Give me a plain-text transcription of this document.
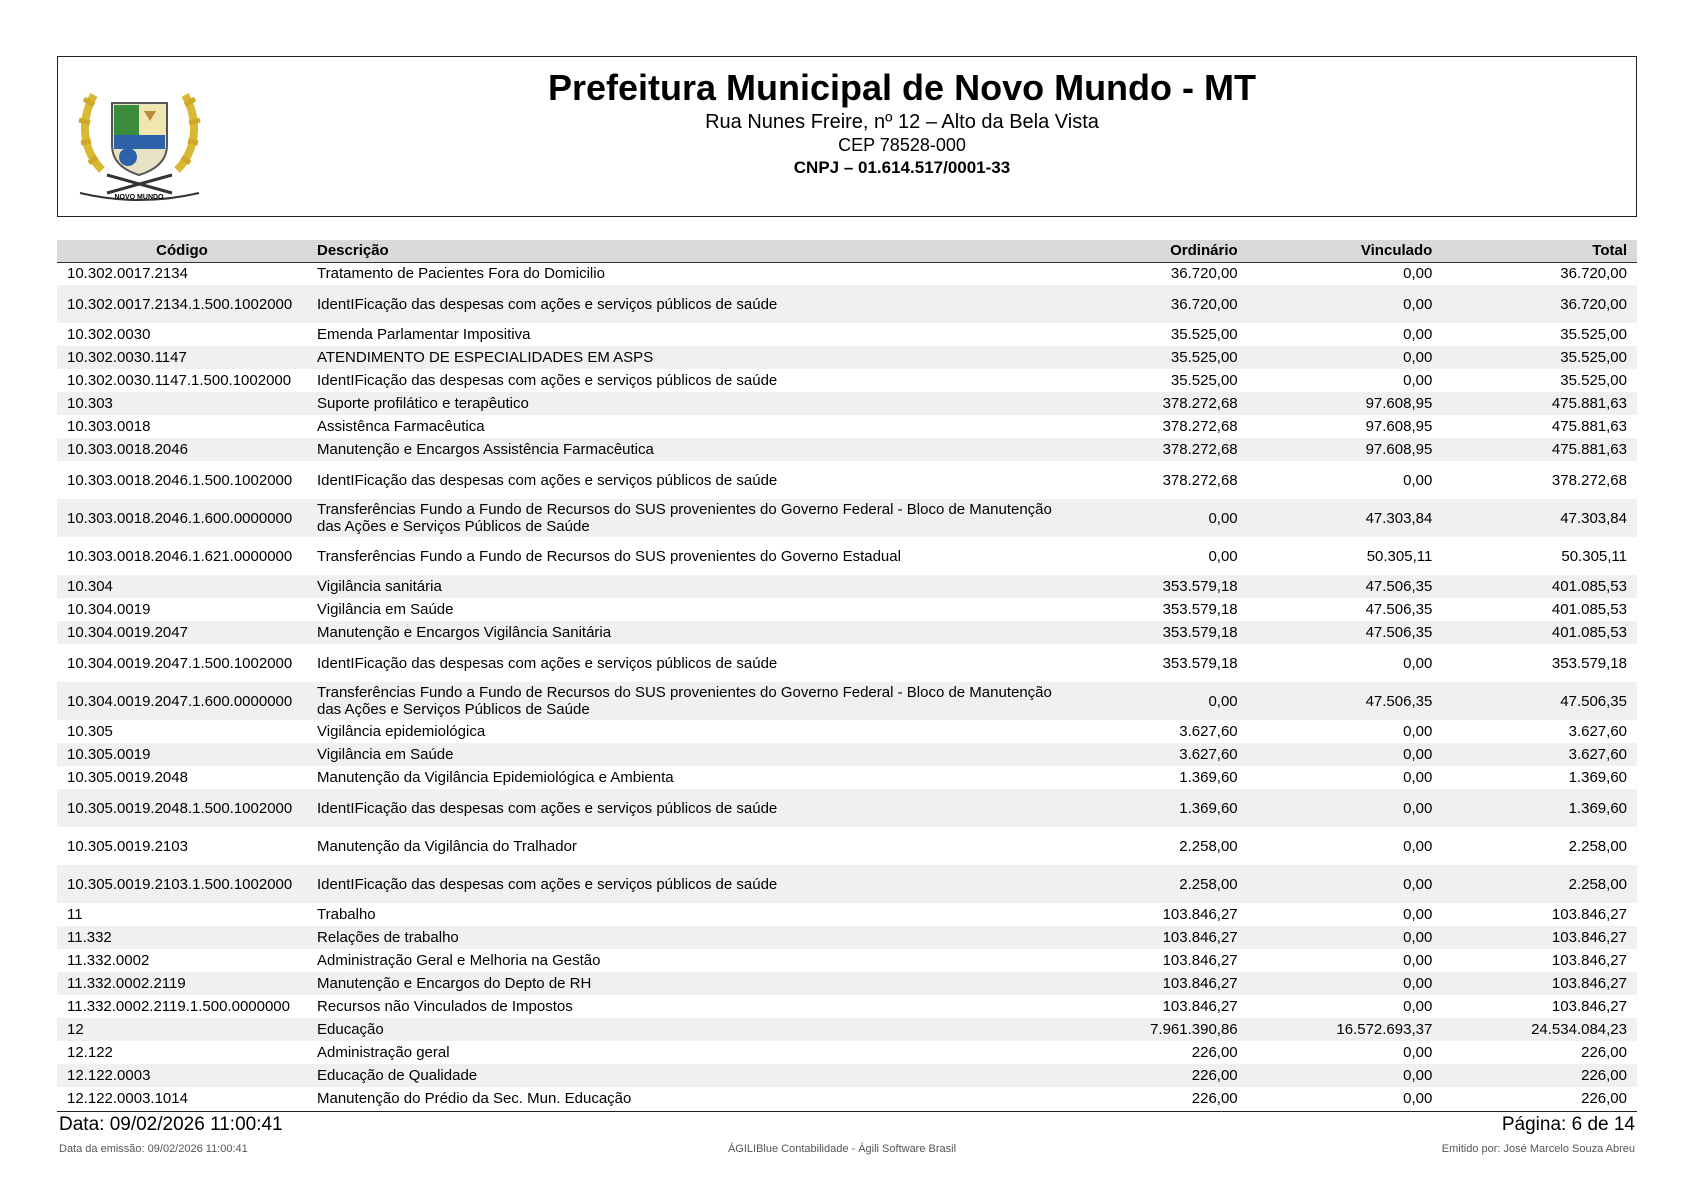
NOVO MUNDO
Prefeitura Municipal de Novo Mundo - MT
Rua Nunes Freire, nº 12 – Alto da Bela Vista
CEP 78528-000
CNPJ – 01.614.517/0001-33
Código	Descrição	Ordinário	Vinculado	Total
10.302.0017.2134	Tratamento de Pacientes Fora do Domicilio	36.720,00	0,00	36.720,00
10.302.0017.2134.1.500.1002000	IdentIFicação das despesas com ações e serviços públicos de saúde	36.720,00	0,00	36.720,00
10.302.0030	Emenda Parlamentar Impositiva	35.525,00	0,00	35.525,00
10.302.0030.1147	ATENDIMENTO DE ESPECIALIDADES EM ASPS	35.525,00	0,00	35.525,00
10.302.0030.1147.1.500.1002000	IdentIFicação das despesas com ações e serviços públicos de saúde	35.525,00	0,00	35.525,00
10.303	Suporte profilático e terapêutico	378.272,68	97.608,95	475.881,63
10.303.0018	Assistênca Farmacêutica	378.272,68	97.608,95	475.881,63
10.303.0018.2046	Manutenção e Encargos Assistência Farmacêutica	378.272,68	97.608,95	475.881,63
10.303.0018.2046.1.500.1002000	IdentIFicação das despesas com ações e serviços públicos de saúde	378.272,68	0,00	378.272,68
10.303.0018.2046.1.600.0000000	Transferências Fundo a Fundo de Recursos do SUS provenientes do Governo Federal - Bloco de Manutenção das Ações e Serviços Públicos de Saúde	0,00	47.303,84	47.303,84
10.303.0018.2046.1.621.0000000	Transferências Fundo a Fundo de Recursos do SUS provenientes do Governo Estadual	0,00	50.305,11	50.305,11
10.304	Vigilância sanitária	353.579,18	47.506,35	401.085,53
10.304.0019	Vigilância em Saúde	353.579,18	47.506,35	401.085,53
10.304.0019.2047	Manutenção e Encargos Vigilância Sanitária	353.579,18	47.506,35	401.085,53
10.304.0019.2047.1.500.1002000	IdentIFicação das despesas com ações e serviços públicos de saúde	353.579,18	0,00	353.579,18
10.304.0019.2047.1.600.0000000	Transferências Fundo a Fundo de Recursos do SUS provenientes do Governo Federal - Bloco de Manutenção das Ações e Serviços Públicos de Saúde	0,00	47.506,35	47.506,35
10.305	Vigilância epidemiológica	3.627,60	0,00	3.627,60
10.305.0019	Vigilância em Saúde	3.627,60	0,00	3.627,60
10.305.0019.2048	Manutenção da Vigilância Epidemiológica e Ambienta	1.369,60	0,00	1.369,60
10.305.0019.2048.1.500.1002000	IdentIFicação das despesas com ações e serviços públicos de saúde	1.369,60	0,00	1.369,60
10.305.0019.2103	Manutenção da Vigilância do Tralhador	2.258,00	0,00	2.258,00
10.305.0019.2103.1.500.1002000	IdentIFicação das despesas com ações e serviços públicos de saúde	2.258,00	0,00	2.258,00
11	Trabalho	103.846,27	0,00	103.846,27
11.332	Relações de trabalho	103.846,27	0,00	103.846,27
11.332.0002	Administração Geral e Melhoria na Gestão	103.846,27	0,00	103.846,27
11.332.0002.2119	Manutenção e Encargos do Depto de RH	103.846,27	0,00	103.846,27
11.332.0002.2119.1.500.0000000	Recursos não Vinculados de Impostos	103.846,27	0,00	103.846,27
12	Educação	7.961.390,86	16.572.693,37	24.534.084,23
12.122	Administração geral	226,00	0,00	226,00
12.122.0003	Educação de Qualidade	226,00	0,00	226,00
12.122.0003.1014	Manutenção do Prédio da Sec. Mun. Educação	226,00	0,00	226,00
Data: 09/02/2026 11:00:41	Página: 6 de 14
Data da emissão: 09/02/2026 11:00:41	ÁGILIBlue Contabilidade - Ágili Software Brasil	Emitido por: José Marcelo Souza Abreu
